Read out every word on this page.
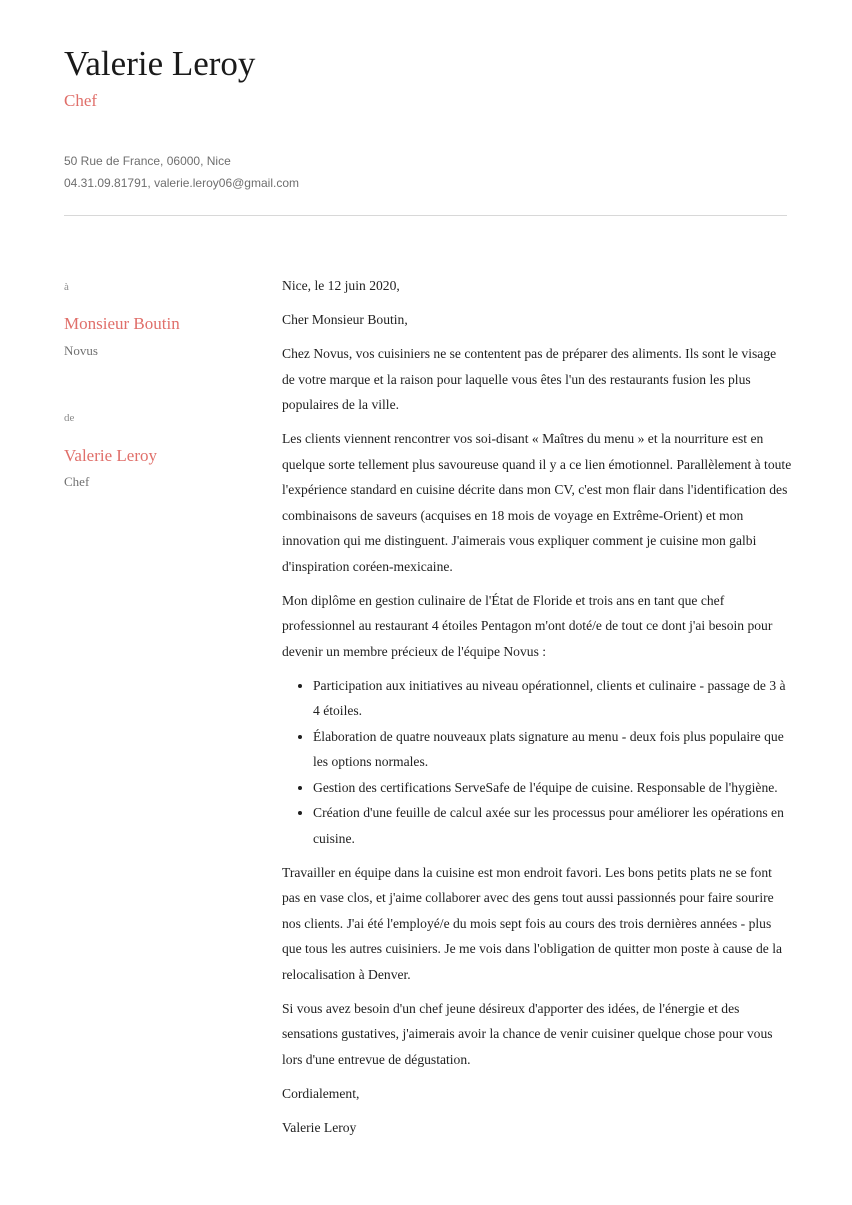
Valerie Leroy
Chef
50 Rue de France, 06000, Nice
04.31.09.81791, valerie.leroy06@gmail.com
à
Monsieur Boutin
Novus
de
Valerie Leroy
Chef

Nice, le 12 juin 2020,

Cher Monsieur Boutin,

Chez Novus, vos cuisiniers ne se contentent pas de préparer des aliments. Ils sont le visage de votre marque et la raison pour laquelle vous êtes l'un des restaurants fusion les plus populaires de la ville.

Les clients viennent rencontrer vos soi-disant « Maîtres du menu » et la nourriture est en quelque sorte tellement plus savoureuse quand il y a ce lien émotionnel. Parallèlement à toute l'expérience standard en cuisine décrite dans mon CV, c'est mon flair dans l'identification des combinaisons de saveurs (acquises en 18 mois de voyage en Extrême-Orient) et mon innovation qui me distinguent. J'aimerais vous expliquer comment je cuisine mon galbi d'inspiration coréen-mexicaine.

Mon diplôme en gestion culinaire de l'État de Floride et trois ans en tant que chef professionnel au restaurant 4 étoiles Pentagon m'ont doté/e de tout ce dont j'ai besoin pour devenir un membre précieux de l'équipe Novus :

• Participation aux initiatives au niveau opérationnel, clients et culinaire - passage de 3 à 4 étoiles.
• Élaboration de quatre nouveaux plats signature au menu - deux fois plus populaire que les options normales.
• Gestion des certifications ServeSafe de l'équipe de cuisine. Responsable de l'hygiène.
• Création d'une feuille de calcul axée sur les processus pour améliorer les opérations en cuisine.

Travailler en équipe dans la cuisine est mon endroit favori. Les bons petits plats ne se font pas en vase clos, et j'aime collaborer avec des gens tout aussi passionnés pour faire sourire nos clients. J'ai été l'employé/e du mois sept fois au cours des trois dernières années - plus que tous les autres cuisiniers. Je me vois dans l'obligation de quitter mon poste à cause de la relocalisation à Denver.

Si vous avez besoin d'un chef jeune désireux d'apporter des idées, de l'énergie et des sensations gustatives, j'aimerais avoir la chance de venir cuisiner quelque chose pour vous lors d'une entrevue de dégustation.

Cordialement,

Valerie Leroy
